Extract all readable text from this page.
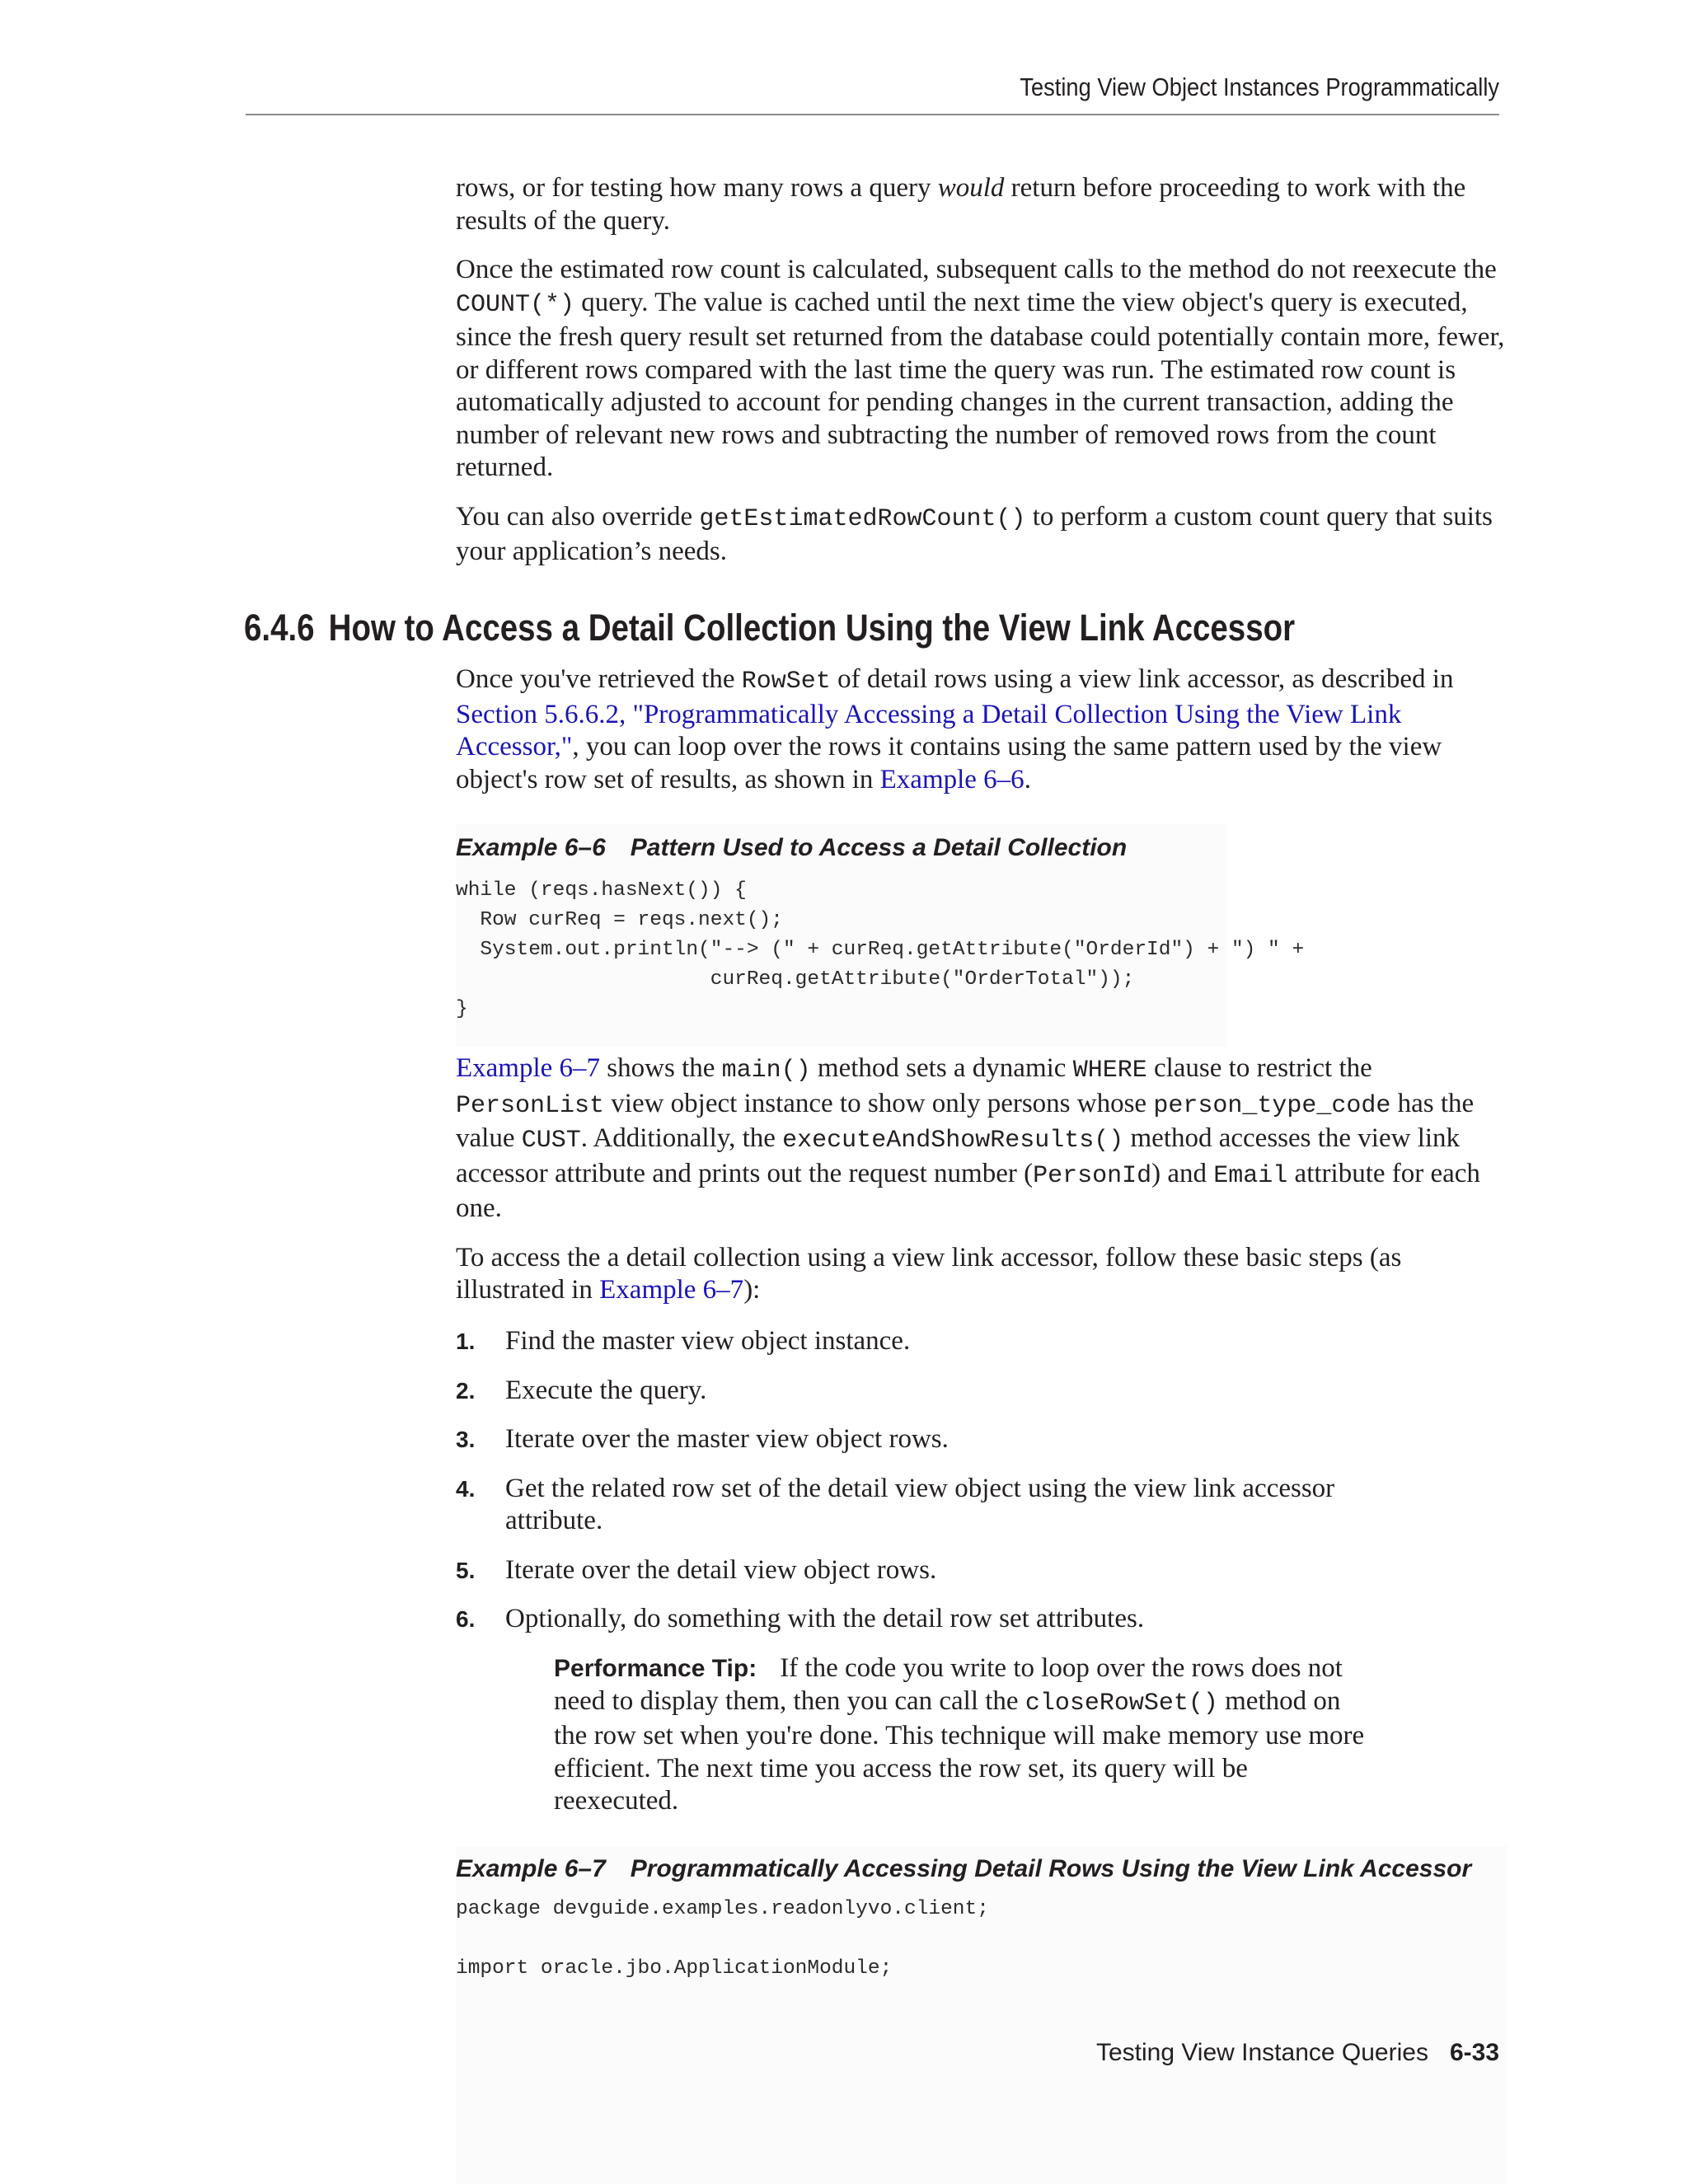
Testing View Object Instances Programmatically

rows, or for testing how many rows a query would return before proceeding to work with the results of the query.

Once the estimated row count is calculated, subsequent calls to the method do not reexecute the COUNT(*) query. The value is cached until the next time the view object's query is executed, since the fresh query result set returned from the database could potentially contain more, fewer, or different rows compared with the last time the query was run. The estimated row count is automatically adjusted to account for pending changes in the current transaction, adding the number of relevant new rows and subtracting the number of removed rows from the count returned.

You can also override getEstimatedRowCount() to perform a custom count query that suits your application’s needs.

6.4.6 How to Access a Detail Collection Using the View Link Accessor

Once you've retrieved the RowSet of detail rows using a view link accessor, as described in Section 5.6.6.2, "Programmatically Accessing a Detail Collection Using the View Link Accessor,", you can loop over the rows it contains using the same pattern used by the view object's row set of results, as shown in Example 6–6.

Example 6–6 Pattern Used to Access a Detail Collection

while (reqs.hasNext()) {
Row curReq = reqs.next();
System.out.println("--> (" + curReq.getAttribute("OrderId") + ") " +
curReq.getAttribute("OrderTotal"));
}

Example 6–7 shows the main() method sets a dynamic WHERE clause to restrict the PersonList view object instance to show only persons whose person_type_code has the value CUST. Additionally, the executeAndShowResults() method accesses the view link accessor attribute and prints out the request number (PersonId) and Email attribute for each one.

To access the a detail collection using a view link accessor, follow these basic steps (as illustrated in Example 6–7):

1. Find the master view object instance.
2. Execute the query.
3. Iterate over the master view object rows.
4. Get the related row set of the detail view object using the view link accessor attribute.
5. Iterate over the detail view object rows.
6. Optionally, do something with the detail row set attributes.

Performance Tip: If the code you write to loop over the rows does not need to display them, then you can call the closeRowSet() method on the row set when you're done. This technique will make memory use more efficient. The next time you access the row set, its query will be reexecuted.

Example 6–7 Programmatically Accessing Detail Rows Using the View Link Accessor

package devguide.examples.readonlyvo.client;

import oracle.jbo.ApplicationModule;
Testing View Instance Queries 6-33
